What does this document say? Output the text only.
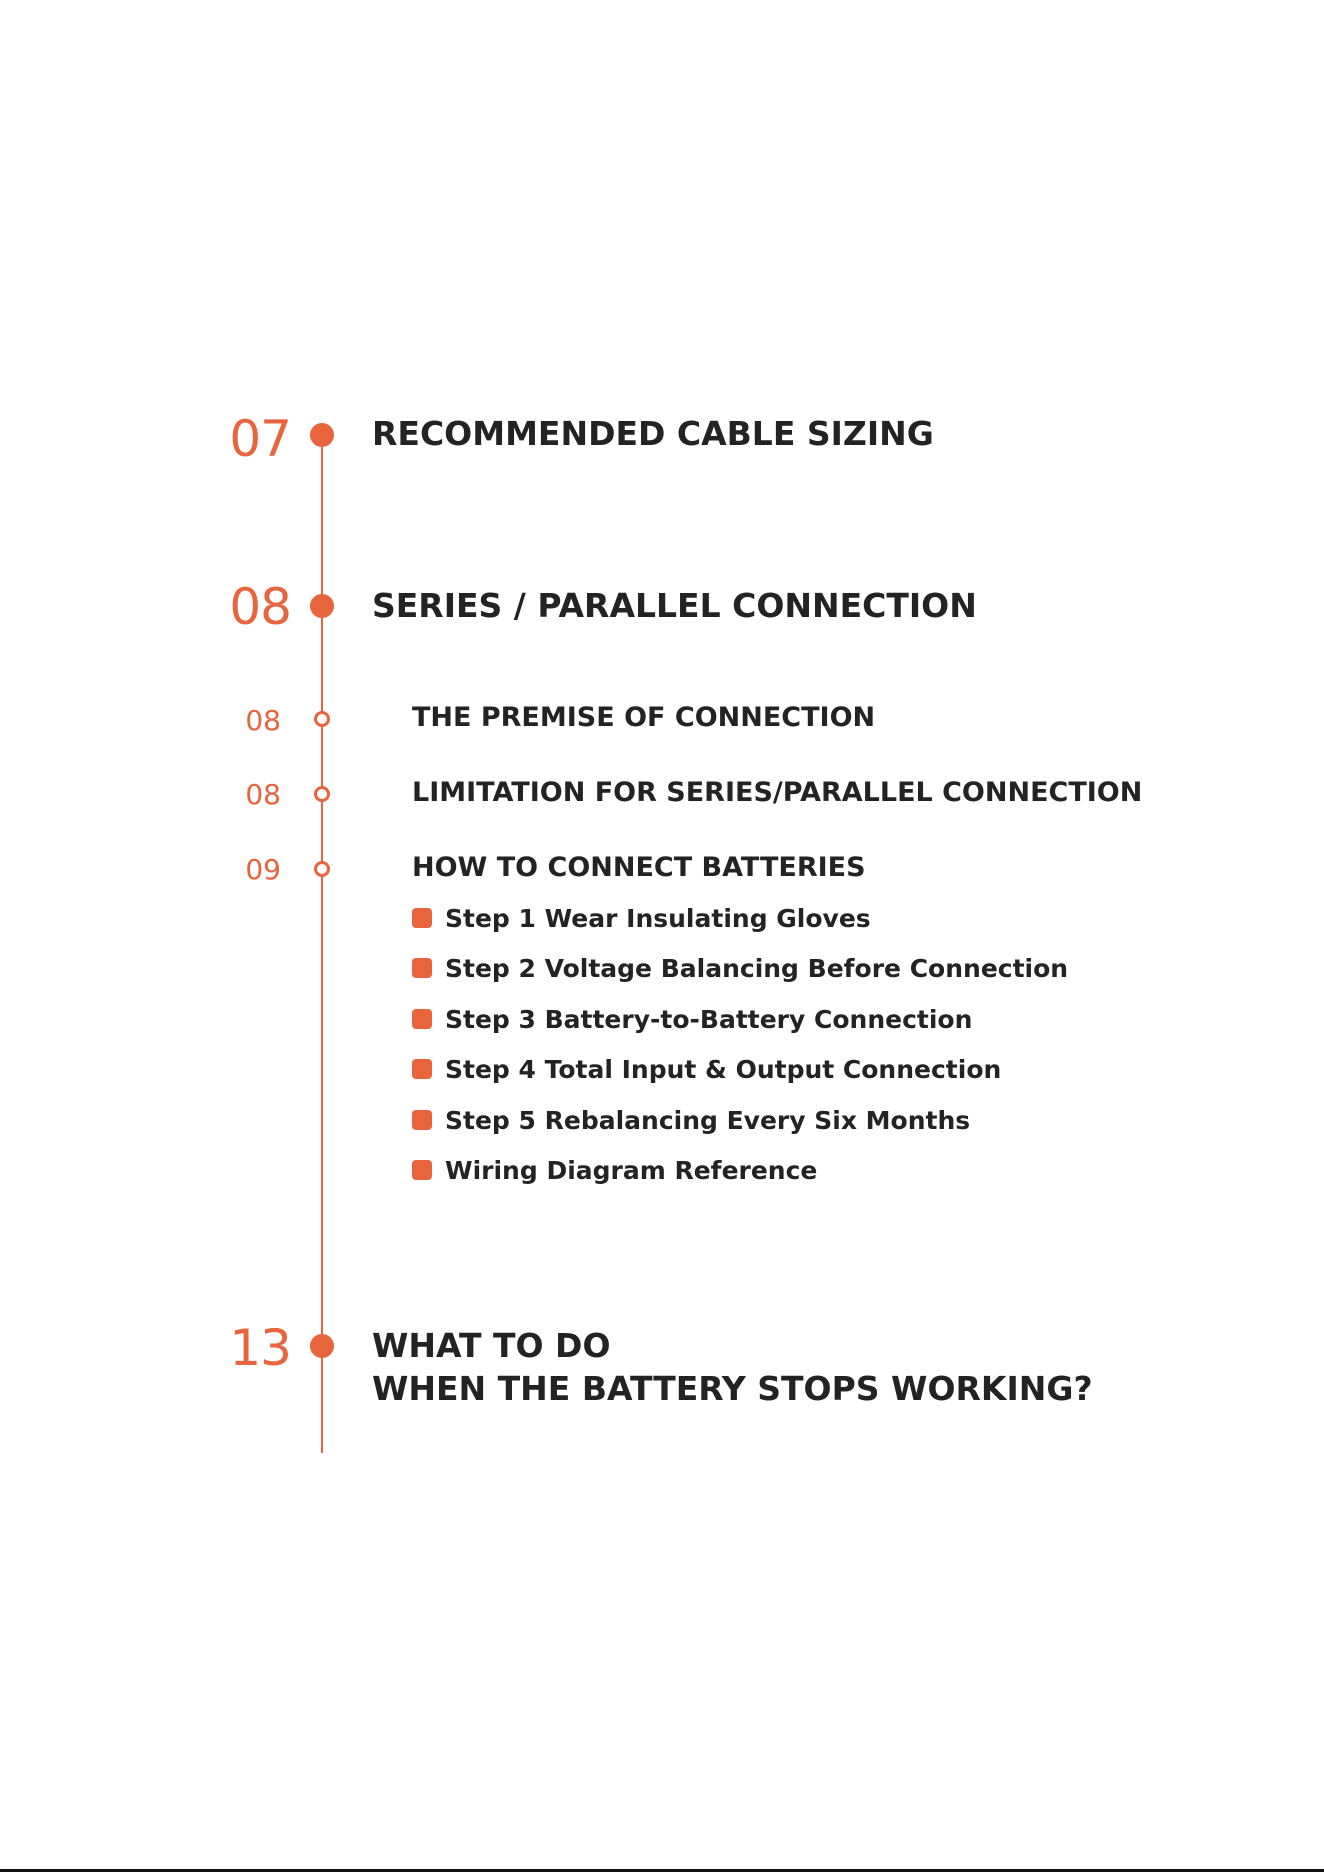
07 RECOMMENDED CABLE SIZING
08 SERIES / PARALLEL CONNECTION
08	THE PREMISE OF CONNECTION
08	LIMITATION FOR SERIES/PARALLEL CONNECTION
09	HOW TO CONNECT BATTERIES
Step 1 Wear Insulating Gloves
Step 2 Voltage Balancing Before Connection
Step 3 Battery-to-Battery Connection
Step 4 Total Input & Output Connection
Step 5 Rebalancing Every Six Months
Wiring Diagram Reference
13 WHAT TO DO
WHEN THE BATTERY STOPS WORKING?
